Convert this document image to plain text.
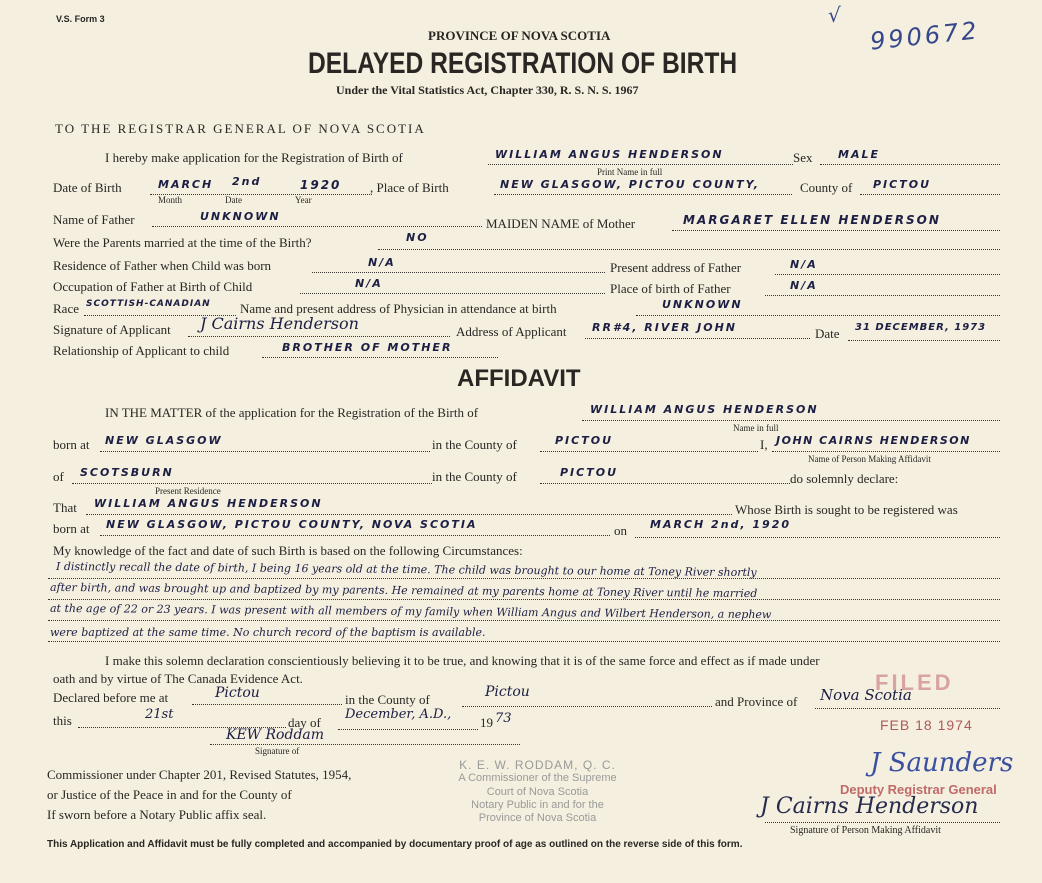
V.S. Form 3
PROVINCE OF NOVA SCOTIA
DELAYED REGISTRATION OF BIRTH
Under the Vital Statistics Act, Chapter 330, R. S. N. S. 1967
√
990672
TO THE REGISTRAR GENERAL OF NOVA SCOTIA
I hereby make application for the Registration of Birth of	WILLIAM ANGUS HENDERSON
Print Name in full
Sex MALE
Date of Birth	MARCH 2nd	1920
Month	Date	Year
, Place of Birth	NEW GLASGOW, PICTOU COUNTY,	County of PICTOU
Name of Father	UNKNOWN	MAIDEN NAME of Mother	MARGARET ELLEN HENDERSON
Were the Parents married at the time of the Birth?	NO
Residence of Father when Child was born	N/A	Present address of Father	N/A
Occupation of Father at Birth of Child	N/A	Place of birth of Father	N/A
Race SCOTTISH-CANADIAN Name and present address of Physician in attendance at birth	UNKNOWN
Signature of Applicant J Cairns Henderson	Address of Applicant RR#4, RIVER JOHN	Date 31 DECEMBER, 1973
Relationship of Applicant to child	BROTHER OF MOTHER
AFFIDAVIT
IN THE MATTER of the application for the Registration of the Birth of	WILLIAM ANGUS HENDERSON
Name in full
born at NEW GLASGOW	in the County of	PICTOU	I, JOHN CAIRNS HENDERSON
Name of Person Making Affidavit
of SCOTSBURN
Present Residence
in the County of	PICTOU	do solemnly declare:
That WILLIAM ANGUS HENDERSON	Whose Birth is sought to be registered was
born at NEW GLASGOW, PICTOU COUNTY, NOVA SCOTIA	on MARCH 2nd, 1920
My knowledge of the fact and date of such Birth is based on the following Circumstances:
I distinctly recall the date of birth, I being 16 years old at the time. The child was brought to our home at Toney River shortly
after birth, and was brought up and baptized by my parents. He remained at my parents home at Toney River until he married
at the age of 22 or 23 years. I was present with all members of my family when William Angus and Wilbert Henderson, a nephew
were baptized at the same time. No church record of the baptism is available.
I make this solemn declaration conscientiously believing it to be true, and knowing that it is of the same force and effect as if made under
oath and by virtue of The Canada Evidence Act.
Declared before me at	Pictou	in the County of	Pictou
and Province of Nova Scotia
this	21st
day of
December, A.D.,
19 73
KEW Roddam
Signature of
Commissioner under Chapter 201, Revised Statutes, 1954,
or Justice of the Peace in and for the County of
If sworn before a Notary Public affix seal.
K. E. W. RODDAM, Q. C.
A Commissioner of the Supreme
Court of Nova Scotia
Notary Public in and for the
Province of Nova Scotia
FILED
FEB 18 1974
J Saunders
Deputy Registrar General
J Cairns Henderson
Signature of Person Making Affidavit
This Application and Affidavit must be fully completed and accompanied by documentary proof of age as outlined on the reverse side of this form.
